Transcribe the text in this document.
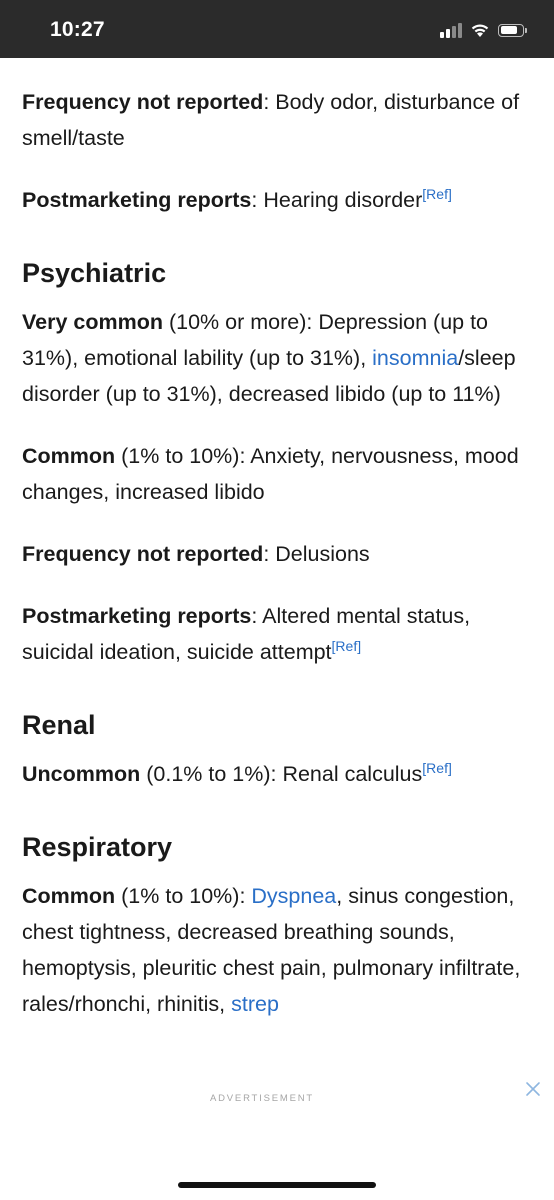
10:27

Frequency not reported: Body odor, disturbance of smell/taste

Postmarketing reports: Hearing disorder[Ref]

Psychiatric

Very common (10% or more): Depression (up to 31%), emotional lability (up to 31%), insomnia/sleep disorder (up to 31%), decreased libido (up to 11%)

Common (1% to 10%): Anxiety, nervousness, mood changes, increased libido

Frequency not reported: Delusions

Postmarketing reports: Altered mental status, suicidal ideation, suicide attempt[Ref]

Renal

Uncommon (0.1% to 1%): Renal calculus[Ref]

Respiratory

Common (1% to 10%): Dyspnea, sinus congestion, chest tightness, decreased breathing sounds, hemoptysis, pleuritic chest pain, pulmonary infiltrate, rales/rhonchi, rhinitis, strep

ADVERTISEMENT
